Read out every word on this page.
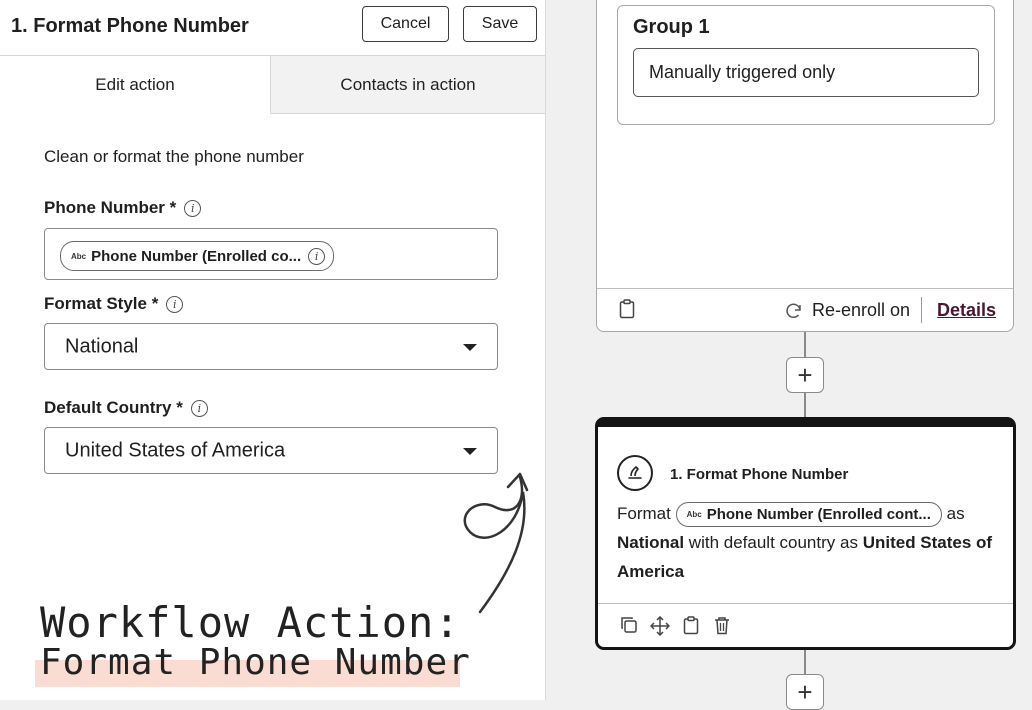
1. Format Phone Number	Cancel	Save
Edit action	Contacts in action
Clean or format the phone number
Phone Number *	i
Abc Phone Number (Enrolled co...	i
Format Style *	i
National
Default Country *	i
United States of America
Workflow Action:
Format Phone Number
Group 1
Manually triggered only
Re-enroll on Details
+
1. Format Phone Number
Format Abc Phone Number (Enrolled cont... as National with default country as United States of America
+
